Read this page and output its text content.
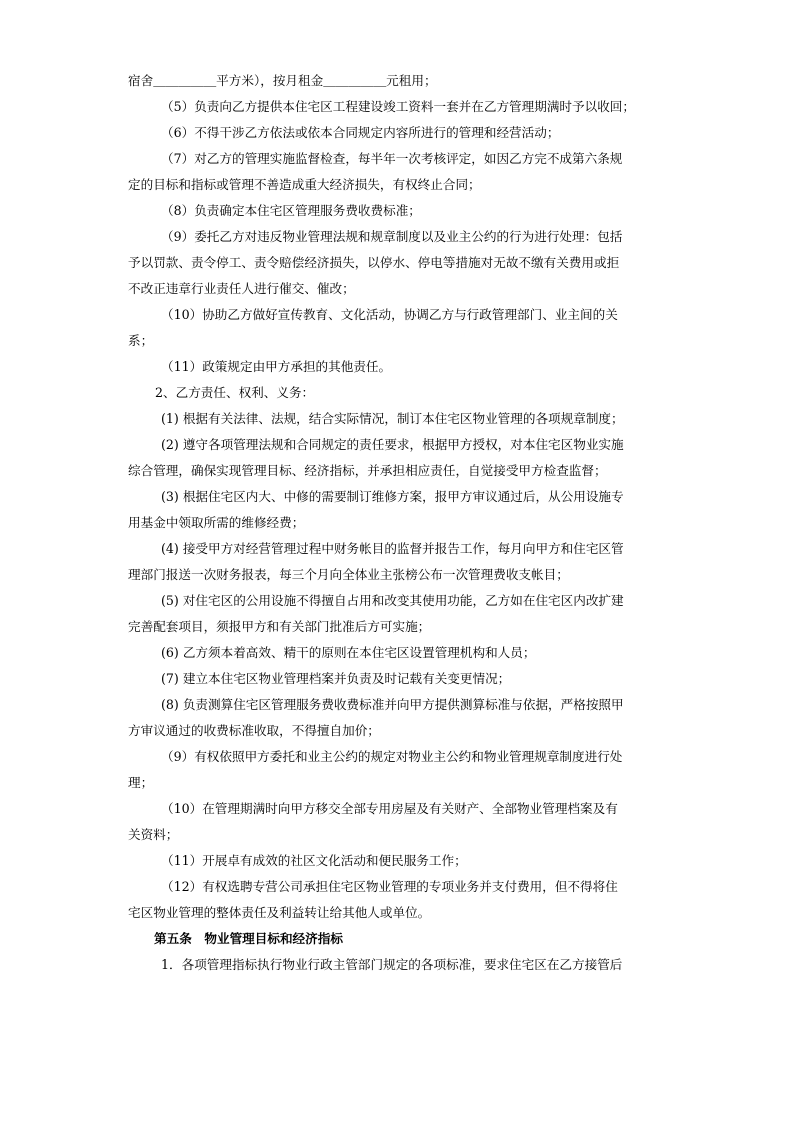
宿舍＿＿＿＿＿平方米），按月租金＿＿＿＿＿元租用；
（5）负责向乙方提供本住宅区工程建设竣工资料一套并在乙方管理期满时予以收回；
（6）不得干涉乙方依法或依本合同规定内容所进行的管理和经营活动；
（7）对乙方的管理实施监督检查，每半年一次考核评定，如因乙方完不成第六条规
定的目标和指标或管理不善造成重大经济损失，有权终止合同；
（8）负责确定本住宅区管理服务费收费标准；
（9）委托乙方对违反物业管理法规和规章制度以及业主公约的行为进行处理：包括
予以罚款、责令停工、责令赔偿经济损失，以停水、停电等措施对无故不缴有关费用或拒
不改正违章行业责任人进行催交、催改；
（10）协助乙方做好宣传教育、文化活动，协调乙方与行政管理部门、业主间的关
系；
（11）政策规定由甲方承担的其他责任。
2、乙方责任、权利、义务：
(1) 根据有关法律、法规，结合实际情况，制订本住宅区物业管理的各项规章制度；
(2) 遵守各项管理法规和合同规定的责任要求，根据甲方授权，对本住宅区物业实施
综合管理，确保实现管理目标、经济指标，并承担相应责任，自觉接受甲方检查监督；
(3) 根据住宅区内大、中修的需要制订维修方案，报甲方审议通过后，从公用设施专
用基金中领取所需的维修经费；
(4) 接受甲方对经营管理过程中财务帐目的监督并报告工作，每月向甲方和住宅区管
理部门报送一次财务报表，每三个月向全体业主张榜公布一次管理费收支帐目；
(5) 对住宅区的公用设施不得擅自占用和改变其使用功能，乙方如在住宅区内改扩建
完善配套项目，须报甲方和有关部门批准后方可实施；
(6) 乙方须本着高效、精干的原则在本住宅区设置管理机构和人员；
(7) 建立本住宅区物业管理档案并负责及时记载有关变更情况；
(8) 负责测算住宅区管理服务费收费标准并向甲方提供测算标准与依据，严格按照甲
方审议通过的收费标准收取，不得擅自加价；
（9）有权依照甲方委托和业主公约的规定对物业主公约和物业管理规章制度进行处
理；
（10）在管理期满时向甲方移交全部专用房屋及有关财产、全部物业管理档案及有
关资料；
（11）开展卓有成效的社区文化活动和便民服务工作；
（12）有权选聘专营公司承担住宅区物业管理的专项业务并支付费用，但不得将住
宅区物业管理的整体责任及利益转让给其他人或单位。
第五条　物业管理目标和经济指标
1．各项管理指标执行物业行政主管部门规定的各项标准，要求住宅区在乙方接管后
